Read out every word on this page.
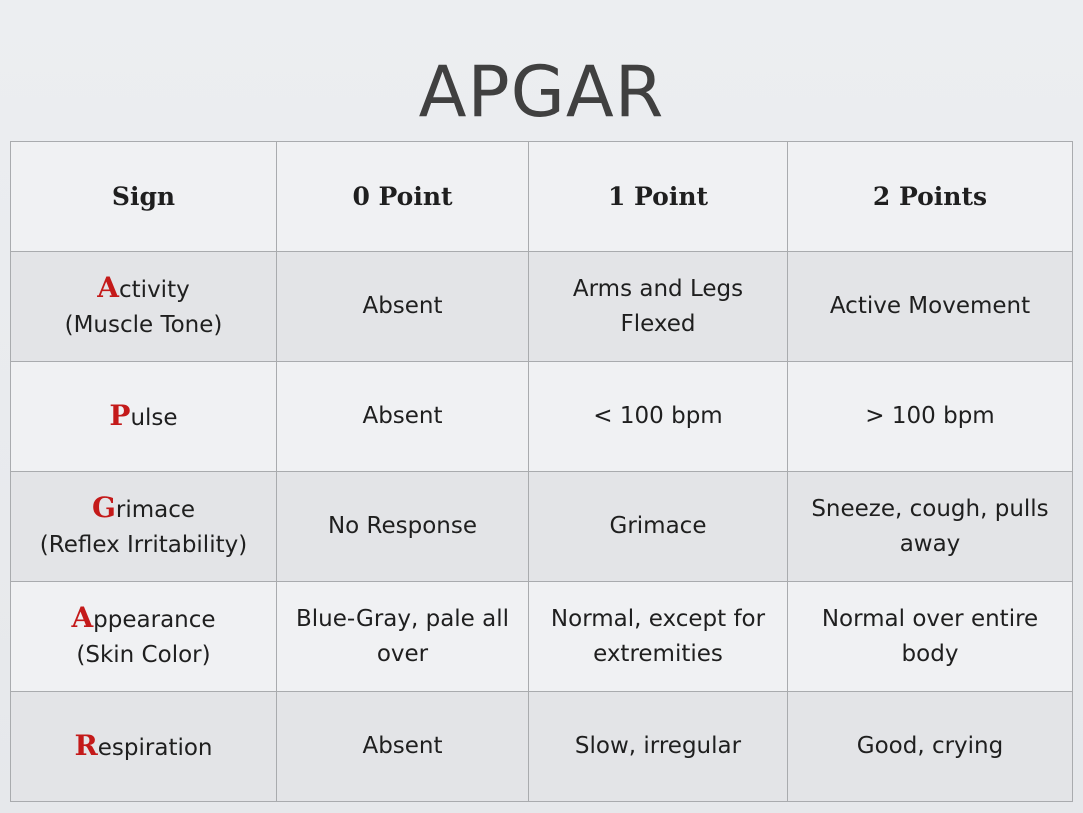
APGAR
Sign	0 Point	1 Point	2 Points

Activity
(Muscle Tone)	Absent	Arms and Legs Flexed	Active Movement

Pulse	Absent	< 100 bpm	> 100 bpm

Grimace
(Reflex Irritability)	No Response	Grimace	Sneeze, cough, pulls away

Appearance
(Skin Color)	Blue-Gray, pale all over	Normal, except for extremities	Normal over entire body

Respiration	Absent	Slow, irregular	Good, crying
